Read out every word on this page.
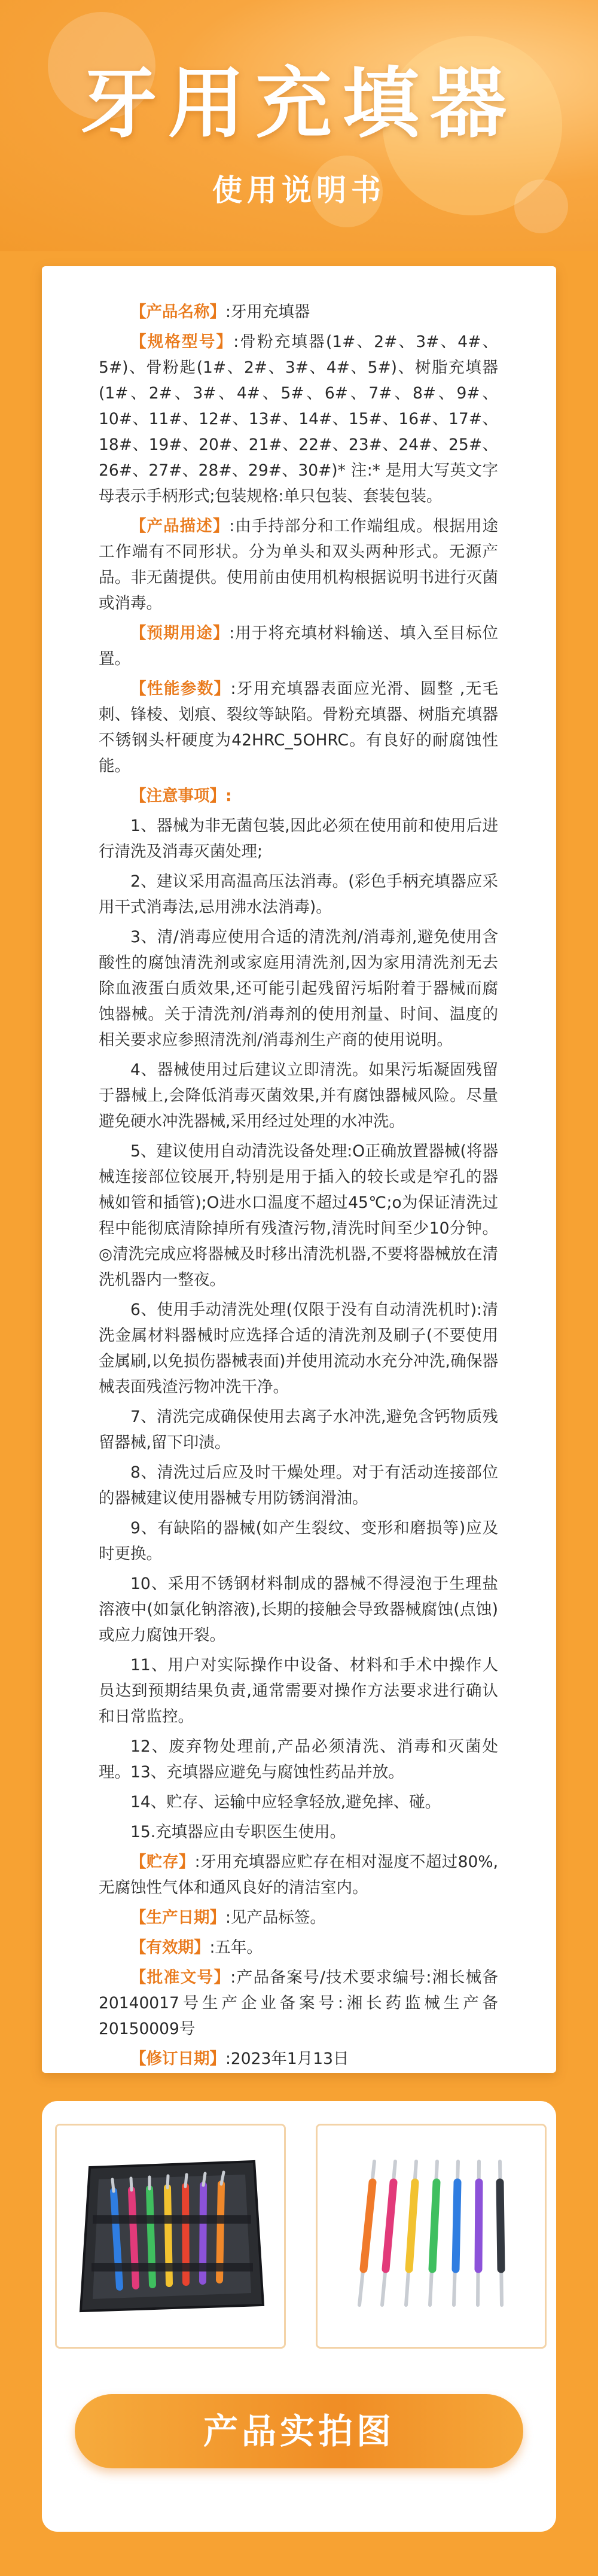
牙用充填器
使用说明书

【产品名称】:牙用充填器

【规格型号】:骨粉充填器(1#、2#、3#、4#、5#)、骨粉匙(1#、2#、3#、4#、5#)、树脂充填器(1#、2#、3#、4#、5#、6#、7#、8#、9#、10#、11#、12#、13#、14#、15#、16#、17#、18#、19#、20#、21#、22#、23#、24#、25#、26#、27#、28#、29#、30#)* 注:* 是用大写英文字母表示手柄形式;包装规格:单只包装、套装包装。

【产品描述】:由手持部分和工作端组成。根据用途工作端有不同形状。分为单头和双头两种形式。无源产品。非无菌提供。使用前由使用机构根据说明书进行灭菌或消毒。

【预期用途】:用于将充填材料输送、填入至目标位置。

【性能参数】:牙用充填器表面应光滑、圆整 ,无毛刺、锋棱、划痕、裂纹等缺陷。骨粉充填器、树脂充填器不锈钢头杆硬度为42HRC_5OHRC。有良好的耐腐蚀性能。

【注意事项】:

1、器械为非无菌包装,因此必须在使用前和使用后进行清洗及消毒灭菌处理;

2、建议采用高温高压法消毒。(彩色手柄充填器应采用干式消毒法,忌用沸水法消毒)。

3、清/消毒应使用合适的清洗剂/消毒剂,避免使用含酸性的腐蚀清洗剂或家庭用清洗剂,因为家用清洗剂无去除血液蛋白质效果,还可能引起残留污垢附着于器械而腐蚀器械。关于清洗剂/消毒剂的使用剂量、时间、温度的相关要求应参照清洗剂/消毒剂生产商的使用说明。

4、器械使用过后建议立即清洗。如果污垢凝固残留于器械上,会降低消毒灭菌效果,并有腐蚀器械风险。尽量避免硬水冲洗器械,采用经过处理的水冲洗。

5、建议使用自动清洗设备处理:O正确放置器械(将器械连接部位铰展开,特别是用于插入的较长或是窄孔的器械如管和插管);O进水口温度不超过45℃;o为保证清洗过程中能彻底清除掉所有残渣污物,清洗时间至少10分钟。◎清洗完成应将器械及时移出清洗机器,不要将器械放在清洗机器内一整夜。

6、使用手动清洗处理(仅限于没有自动清洗机时):清洗金属材料器械时应选择合适的清洗剂及刷子(不要使用金属刷,以免损伤器械表面)并使用流动水充分冲洗,确保器械表面残渣污物冲洗干净。

7、清洗完成确保使用去离子水冲洗,避免含钙物质残留器械,留下印渍。

8、清洗过后应及时干燥处理。对于有活动连接部位的器械建议使用器械专用防锈润滑油。

9、有缺陷的器械(如产生裂纹、变形和磨损等)应及时更换。

10、采用不锈钢材料制成的器械不得浸泡于生理盐溶液中(如氯化钠溶液),长期的接触会导致器械腐蚀(点蚀)或应力腐蚀开裂。

11、用户对实际操作中设备、材料和手术中操作人员达到预期结果负责,通常需要对操作方法要求进行确认和日常监控。

12、废弃物处理前,产品必须清洗、消毒和灭菌处理。13、充填器应避免与腐蚀性药品并放。

14、贮存、运输中应轻拿轻放,避免摔、碰。

15.充填器应由专职医生使用。

【贮存】:牙用充填器应贮存在相对湿度不超过80%,无腐蚀性气体和通风良好的清洁室内。

【生产日期】:见产品标签。

【有效期】:五年。

【批准文号】:产品备案号/技术要求编号:湘长械备20140017号生产企业备案号:湘长药监械生产备20150009号

【修订日期】:2023年1月13日

产品实拍图
